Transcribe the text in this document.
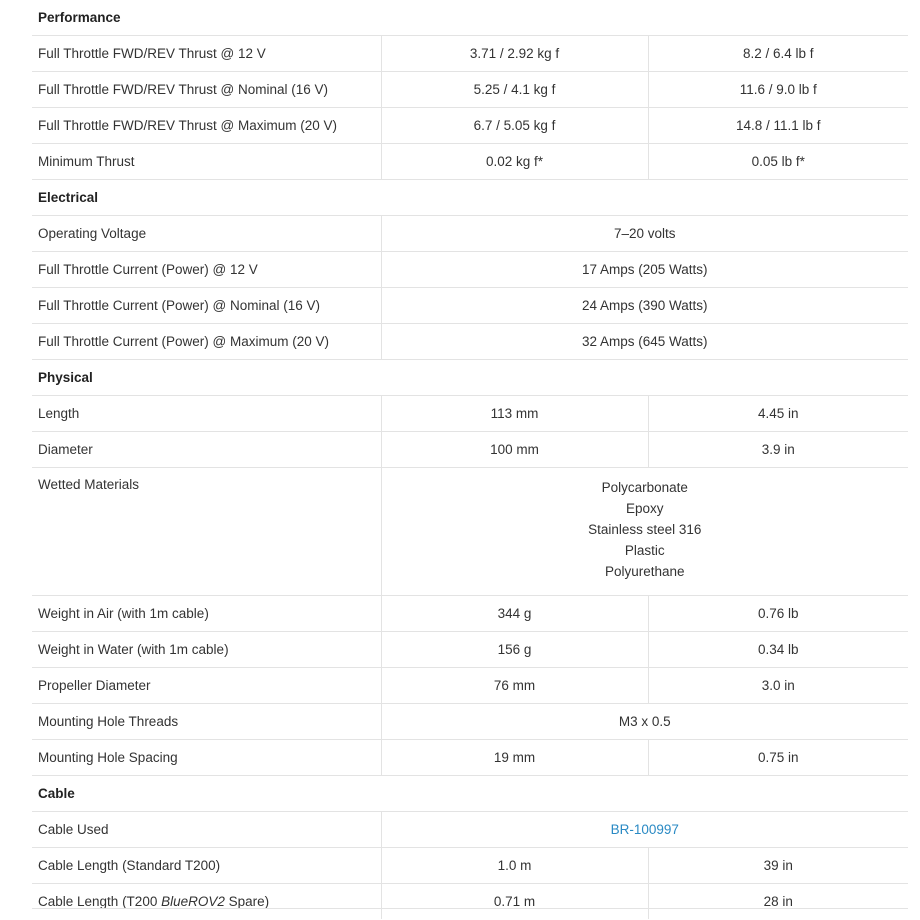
Performance		
Full Throttle FWD/REV Thrust @ 12 V	3.71 / 2.92 kg f	8.2 / 6.4 lb f
Full Throttle FWD/REV Thrust @ Nominal (16 V)	5.25 / 4.1 kg f	11.6 / 9.0 lb f
Full Throttle FWD/REV Thrust @ Maximum (20 V)	6.7 / 5.05 kg f	14.8 / 11.1 lb f
Minimum Thrust	0.02 kg f*	0.05 lb f*
Electrical		
Operating Voltage	7–20 volts	
Full Throttle Current (Power) @ 12 V	17 Amps (205 Watts)	
Full Throttle Current (Power) @ Nominal (16 V)	24 Amps (390 Watts)	
Full Throttle Current (Power) @ Maximum (20 V)	32 Amps (645 Watts)	
Physical		
Length	113 mm	4.45 in
Diameter	100 mm	3.9 in
Wetted Materials	Polycarbonate
Epoxy
Stainless steel 316
Plastic
Polyurethane	

Weight in Air (with 1m cable)	344 g	0.76 lb
Weight in Water (with 1m cable)	156 g	0.34 lb
Propeller Diameter	76 mm	3.0 in
Mounting Hole Threads	M3 x 0.5	
Mounting Hole Spacing	19 mm	0.75 in
Cable		
Cable Used	BR-100997	
Cable Length (Standard T200)	1.0 m	39 in
Cable Length (T200 BlueROV2 Spare)	0.71 m	28 in
